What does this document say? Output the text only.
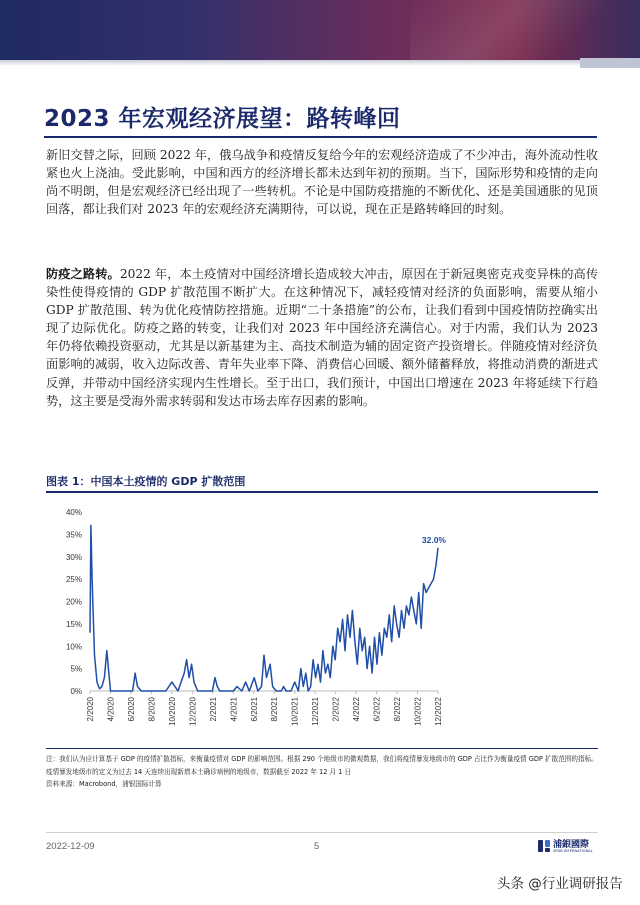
2023 年宏观经济展望：路转峰回

新旧交替之际，回顾 2022 年，俄乌战争和疫情反复给今年的宏观经济造成了不少冲击，海外流动性收紧也火上浇油。受此影响，中国和西方的经济增长都未达到年初的预期。当下，国际形势和疫情的走向尚不明朗，但是宏观经济已经出现了一些转机。不论是中国防疫措施的不断优化、还是美国通胀的见顶回落，都让我们对 2023 年的宏观经济充满期待，可以说，现在正是路转峰回的时刻。

防疫之路转。2022 年，本土疫情对中国经济增长造成较大冲击，原因在于新冠奥密克戎变异株的高传染性使得疫情的 GDP 扩散范围不断扩大。在这种情况下，减轻疫情对经济的负面影响，需要从缩小 GDP 扩散范围、转为优化疫情防控措施。近期“二十条措施”的公布，让我们看到中国疫情防控确实出现了边际优化。防疫之路的转变，让我们对 2023 年中国经济充满信心。对于内需，我们认为 2023 年仍将依赖投资驱动，尤其是以新基建为主、高技术制造为辅的固定资产投资增长。伴随疫情对经济负面影响的减弱，收入边际改善、青年失业率下降、消费信心回暖、额外储蓄释放，将推动消费的渐进式反弹，并带动中国经济实现内生性增长。至于出口，我们预计，中国出口增速在 2023 年将延续下行趋势，这主要是受海外需求转弱和发达市场去库存因素的影响。

图表 1：中国本土疫情的 GDP 扩散范围
0%
5%
10%
15%
20%
25%
30%
35%
40%
2/2020 4/2020 6/2020 8/2020 10/2020 12/2020 2/2021 4/2021 6/2021 8/2021 10/2021 12/2021 2/2022 4/2022 6/2022 8/2022 10/2022 12/2022
32.0%
注：我们认为应计算基于 GDP 的疫情扩散指标，来衡量疫情对 GDP 的影响范围。根据 290 个地级市的微观数据，我们将疫情暴发地级市的 GDP 占比作为衡量疫情 GDP 扩散范围的指标。疫情暴发地级市的定义为过去 14 天连续出现新增本土确诊病例的地级市，数据截至 2022 年 12 月 1 日
资料来源：Macrobond，浦银国际计算
2022-12-09	5	浦銀國際
SPDB INTERNATIONAL
头条 @行业调研报告
